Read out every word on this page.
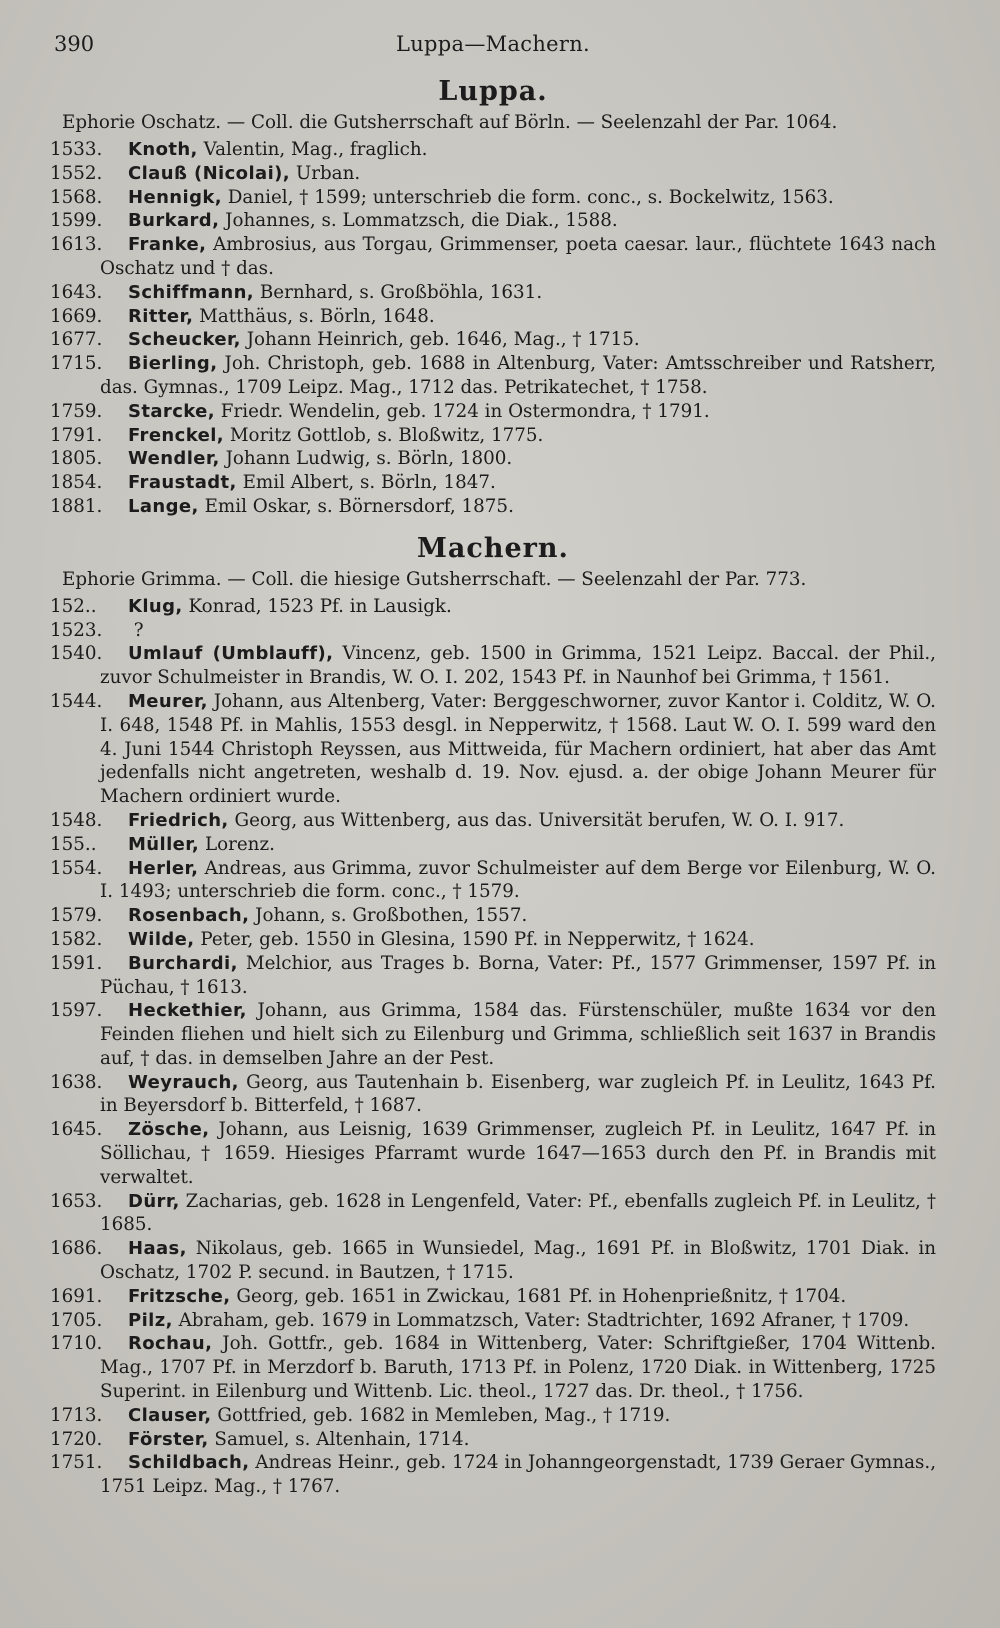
390	Luppa—Machern.
Luppa.
Ephorie Oschatz. — Coll. die Gutsherrschaft auf Börln. — Seelenzahl der Par. 1064.
1533. Knoth, Valentin, Mag., fraglich.
1552. Clauß (Nicolai), Urban.
1568. Hennigk, Daniel, † 1599; unterschrieb die form. conc., s. Bockelwitz, 1563.
1599. Burkard, Johannes, s. Lommatzsch, die Diak., 1588.
1613. Franke, Ambrosius, aus Torgau, Grimmenser, poeta caesar. laur., flüchtete 1643 nach Oschatz und † das.
1643. Schiffmann, Bernhard, s. Großböhla, 1631.
1669. Ritter, Matthäus, s. Börln, 1648.
1677. Scheucker, Johann Heinrich, geb. 1646, Mag., † 1715.
1715. Bierling, Joh. Christoph, geb. 1688 in Altenburg, Vater: Amtsschreiber und Ratsherr, das. Gymnas., 1709 Leipz. Mag., 1712 das. Petrikatechet, † 1758.
1759. Starcke, Friedr. Wendelin, geb. 1724 in Ostermondra, † 1791.
1791. Frenckel, Moritz Gottlob, s. Bloßwitz, 1775.
1805. Wendler, Johann Ludwig, s. Börln, 1800.
1854. Fraustadt, Emil Albert, s. Börln, 1847.
1881. Lange, Emil Oskar, s. Börnersdorf, 1875.
Machern.
Ephorie Grimma. — Coll. die hiesige Gutsherrschaft. — Seelenzahl der Par. 773.
152.. Klug, Konrad, 1523 Pf. in Lausigk.
1523. ?
1540. Umlauf (Umblauff), Vincenz, geb. 1500 in Grimma, 1521 Leipz. Baccal. der Phil., zuvor Schulmeister in Brandis, W. O. I. 202, 1543 Pf. in Naunhof bei Grimma, † 1561.
1544. Meurer, Johann, aus Altenberg, Vater: Berggeschworner, zuvor Kantor i. Colditz, W. O. I. 648, 1548 Pf. in Mahlis, 1553 desgl. in Nepperwitz, † 1568. Laut W. O. I. 599 ward den 4. Juni 1544 Christoph Reyssen, aus Mittweida, für Machern ordiniert, hat aber das Amt jedenfalls nicht angetreten, weshalb d. 19. Nov. ejusd. a. der obige Johann Meurer für Machern ordiniert wurde.
1548. Friedrich, Georg, aus Wittenberg, aus das. Universität berufen, W. O. I. 917.
155.. Müller, Lorenz.
1554. Herler, Andreas, aus Grimma, zuvor Schulmeister auf dem Berge vor Eilenburg, W. O. I. 1493; unterschrieb die form. conc., † 1579.
1579. Rosenbach, Johann, s. Großbothen, 1557.
1582. Wilde, Peter, geb. 1550 in Glesina, 1590 Pf. in Nepperwitz, † 1624.
1591. Burchardi, Melchior, aus Trages b. Borna, Vater: Pf., 1577 Grimmenser, 1597 Pf. in Püchau, † 1613.
1597. Heckethier, Johann, aus Grimma, 1584 das. Fürstenschüler, mußte 1634 vor den Feinden fliehen und hielt sich zu Eilenburg und Grimma, schließlich seit 1637 in Brandis auf, † das. in demselben Jahre an der Pest.
1638. Weyrauch, Georg, aus Tautenhain b. Eisenberg, war zugleich Pf. in Leulitz, 1643 Pf. in Beyersdorf b. Bitterfeld, † 1687.
1645. Zösche, Johann, aus Leisnig, 1639 Grimmenser, zugleich Pf. in Leulitz, 1647 Pf. in Söllichau, † 1659. Hiesiges Pfarramt wurde 1647—1653 durch den Pf. in Brandis mit verwaltet.
1653. Dürr, Zacharias, geb. 1628 in Lengenfeld, Vater: Pf., ebenfalls zugleich Pf. in Leulitz, † 1685.
1686. Haas, Nikolaus, geb. 1665 in Wunsiedel, Mag., 1691 Pf. in Bloßwitz, 1701 Diak. in Oschatz, 1702 P. secund. in Bautzen, † 1715.
1691. Fritzsche, Georg, geb. 1651 in Zwickau, 1681 Pf. in Hohenprießnitz, † 1704.
1705. Pilz, Abraham, geb. 1679 in Lommatzsch, Vater: Stadtrichter, 1692 Afraner, † 1709.
1710. Rochau, Joh. Gottfr., geb. 1684 in Wittenberg, Vater: Schriftgießer, 1704 Wittenb. Mag., 1707 Pf. in Merzdorf b. Baruth, 1713 Pf. in Polenz, 1720 Diak. in Wittenberg, 1725 Superint. in Eilenburg und Wittenb. Lic. theol., 1727 das. Dr. theol., † 1756.
1713. Clauser, Gottfried, geb. 1682 in Memleben, Mag., † 1719.
1720. Förster, Samuel, s. Altenhain, 1714.
1751. Schildbach, Andreas Heinr., geb. 1724 in Johanngeorgenstadt, 1739 Geraer Gymnas., 1751 Leipz. Mag., † 1767.
